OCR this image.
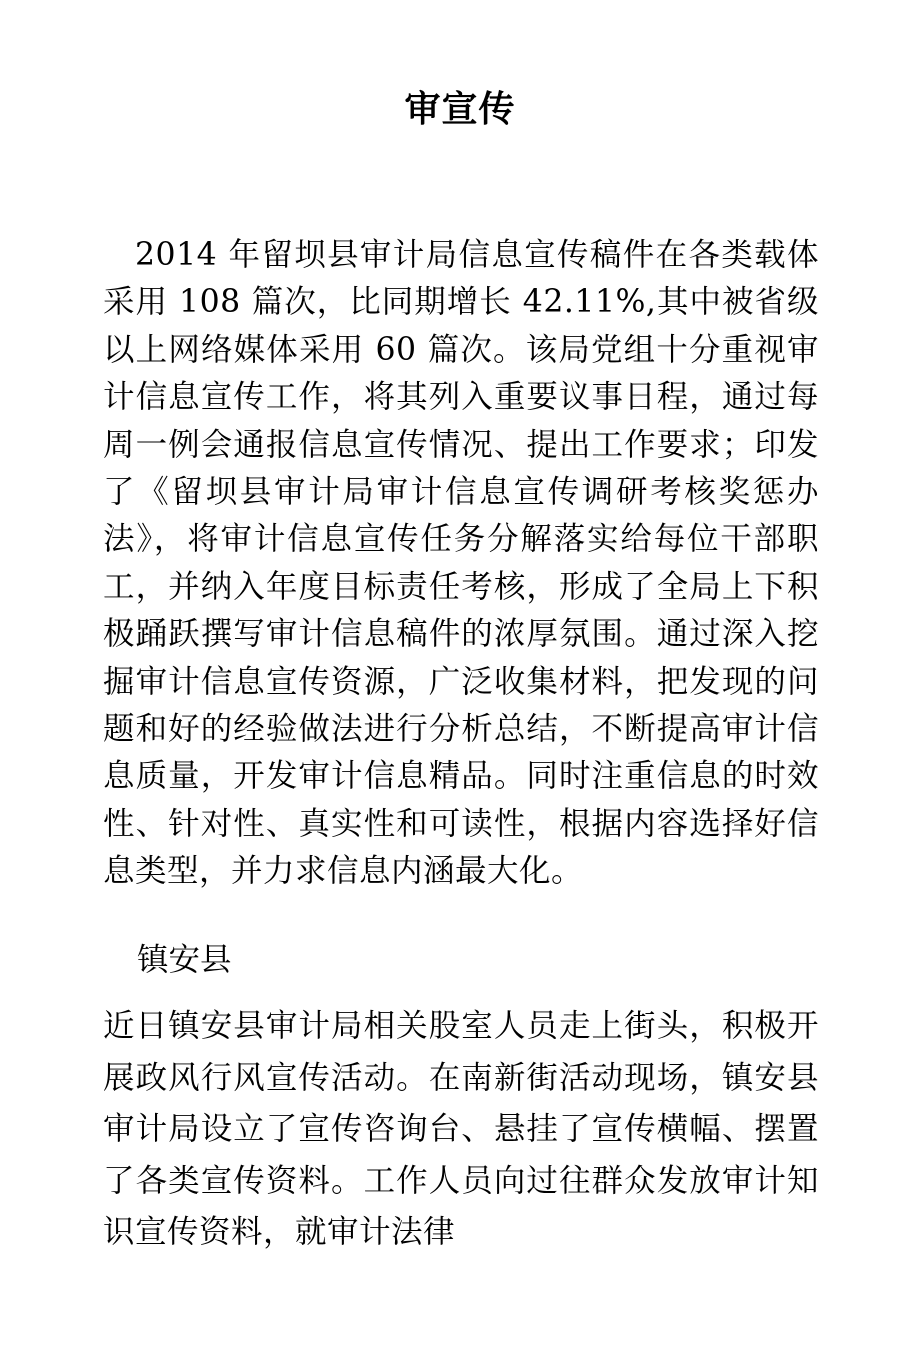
审宣传

2014 年留坝县审计局信息宣传稿件在各类载体采用 108 篇次，比同期增长 42.11%,其中被省级以上网络媒体采用 60 篇次。该局党组十分重视审计信息宣传工作，将其列入重要议事日程，通过每周一例会通报信息宣传情况、提出工作要求；印发了《留坝县审计局审计信息宣传调研考核奖惩办法》，将审计信息宣传任务分解落实给每位干部职工，并纳入年度目标责任考核，形成了全局上下积极踊跃撰写审计信息稿件的浓厚氛围。通过深入挖掘审计信息宣传资源，广泛收集材料，把发现的问题和好的经验做法进行分析总结，不断提高审计信息质量，开发审计信息精品。同时注重信息的时效性、针对性、真实性和可读性，根据内容选择好信息类型，并力求信息内涵最大化。

镇安县

近日镇安县审计局相关股室人员走上街头，积极开展政风行风宣传活动。在南新街活动现场，镇安县审计局设立了宣传咨询台、悬挂了宣传横幅、摆置了各类宣传资料。工作人员向过往群众发放审计知识宣传资料，就审计法律
